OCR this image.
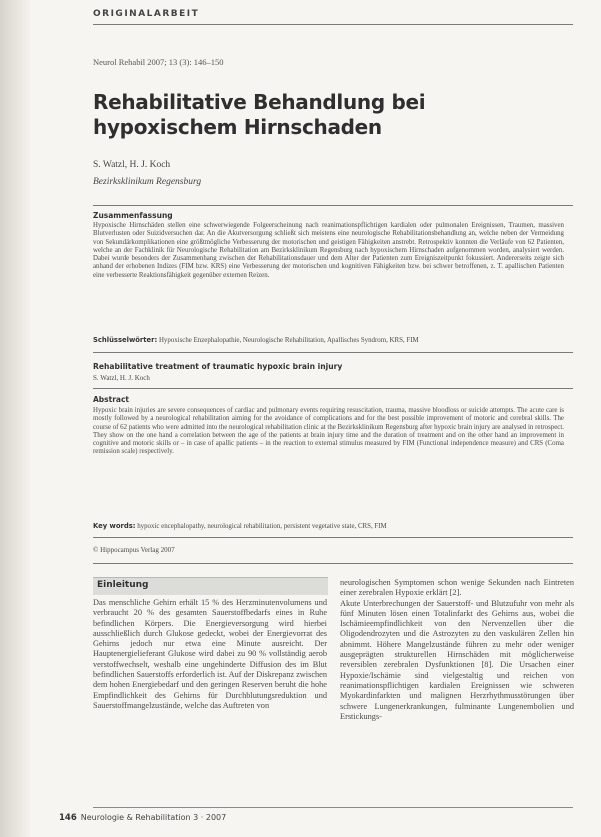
ORIGINALARBEIT
Neurol Rehabil 2007; 13 (3): 146–150
Rehabilitative Behandlung bei hypoxischem Hirnschaden
S. Watzl, H. J. Koch
Bezirksklinikum Regensburg
Zusammenfassung
Hypoxische Hirnschäden stellen eine schwerwiegende Folgeerscheinung nach reanimationspflichtigen kardialen oder pulmonalen Ereignissen, Traumen, massiven Blutverlusten oder Suizidversuchen dar. An die Akutversorgung schließt sich meistens eine neurologische Rehabilitationsbehandlung an, welche neben der Vermeidung von Sekundärkomplikationen eine größtmögliche Verbesserung der motorischen und geistigen Fähigkeiten anstrebt. Retrospektiv konnten die Verläufe von 62 Patienten, welche an der Fachklinik für Neurologische Rehabilitation am Bezirksklinikum Regensburg nach hypoxischem Hirnschaden aufgenommen worden, analysiert werden. Dabei wurde besonders der Zusammenhang zwischen der Rehabilitationsdauer und dem Alter der Patienten zum Ereigniszeitpunkt fokussiert. Andererseits zeigte sich anhand der erhobenen Indizes (FIM bzw. KRS) eine Verbesserung der motorischen und kognitiven Fähigkeiten bzw. bei schwer betroffenen, z. T. apallischen Patienten eine verbesserte Reaktionsfähigkeit gegenüber externen Reizen.
Schlüsselwörter: Hypoxische Enzephalopathie, Neurologische Rehabilitation, Apallisches Syndrom, KRS, FIM
Rehabilitative treatment of traumatic hypoxic brain injury
S. Watzl, H. J. Koch
Abstract
Hypoxic brain injuries are severe consequences of cardiac and pulmonary events requiring resuscitation, trauma, massive bloodloss or suicide attempts. The acute care is mostly followed by a neurological rehabilitation aiming for the avoidance of complications and for the best possible improvement of motoric and cerebral skills. The course of 62 patients who were admitted into the neurological rehabilitation clinic at the Bezirksklinikum Regensburg after hypoxic brain injury are analysed in retrospect. They show on the one hand a correlation between the age of the patients at brain injury time and the duration of treatment and on the other hand an improvement in cognitive and motoric skills or – in case of apallic patients – in the reaction to external stimulus measured by FIM (Functional independence measure) and CRS (Coma remission scale) respectively.
Key words: hypoxic encephalopathy, neurological rehabilitation, persistent vegetative state, CRS, FIM
© Hippocampus Verlag 2007
Einleitung

Das menschliche Gehirn erhält 15 % des Herzminutenvolumens und verbraucht 20 % des gesamten Sauerstoffbedarfs eines in Ruhe befindlichen Körpers. Die Energieversorgung wird hierbei ausschließlich durch Glukose gedeckt, wobei der Energievorrat des Gehirns jedoch nur etwa eine Minute ausreicht. Der Hauptenergielieferant Glukose wird dabei zu 90 % vollständig aerob verstoffwechselt, weshalb eine ungehinderte Diffusion des im Blut befindlichen Sauerstoffs erforderlich ist. Auf der Diskrepanz zwischen dem hohen Energiebedarf und den geringen Reserven beruht die hohe Empfindlichkeit des Gehirns für Durchblutungsreduktion und Sauerstoffmangelzustände, welche das Auftreten von

neurologischen Symptomen schon wenige Sekunden nach Eintreten einer zerebralen Hypoxie erklärt [2].

Akute Unterbrechungen der Sauerstoff- und Blutzufuhr von mehr als fünf Minuten lösen einen Totalinfarkt des Gehirns aus, wobei die Ischämieempfindlichkeit von den Nervenzellen über die Oligodendrozyten und die Astrozyten zu den vaskulären Zellen hin abnimmt. Höhere Mangelzustände führen zu mehr oder weniger ausgeprägten strukturellen Hirnschäden mit möglicherweise reversiblen zerebralen Dysfunktionen [8]. Die Ursachen einer Hypoxie/Ischämie sind vielgestaltig und reichen von reanimationspflichtigen kardialen Ereignissen wie schweren Myokardinfarkten und malignen Herzrhythmusstörungen über schwere Lungenerkrankungen, fulminante Lungenembolien und Erstickungs-

146 Neurologie & Rehabilitation 3 · 2007
